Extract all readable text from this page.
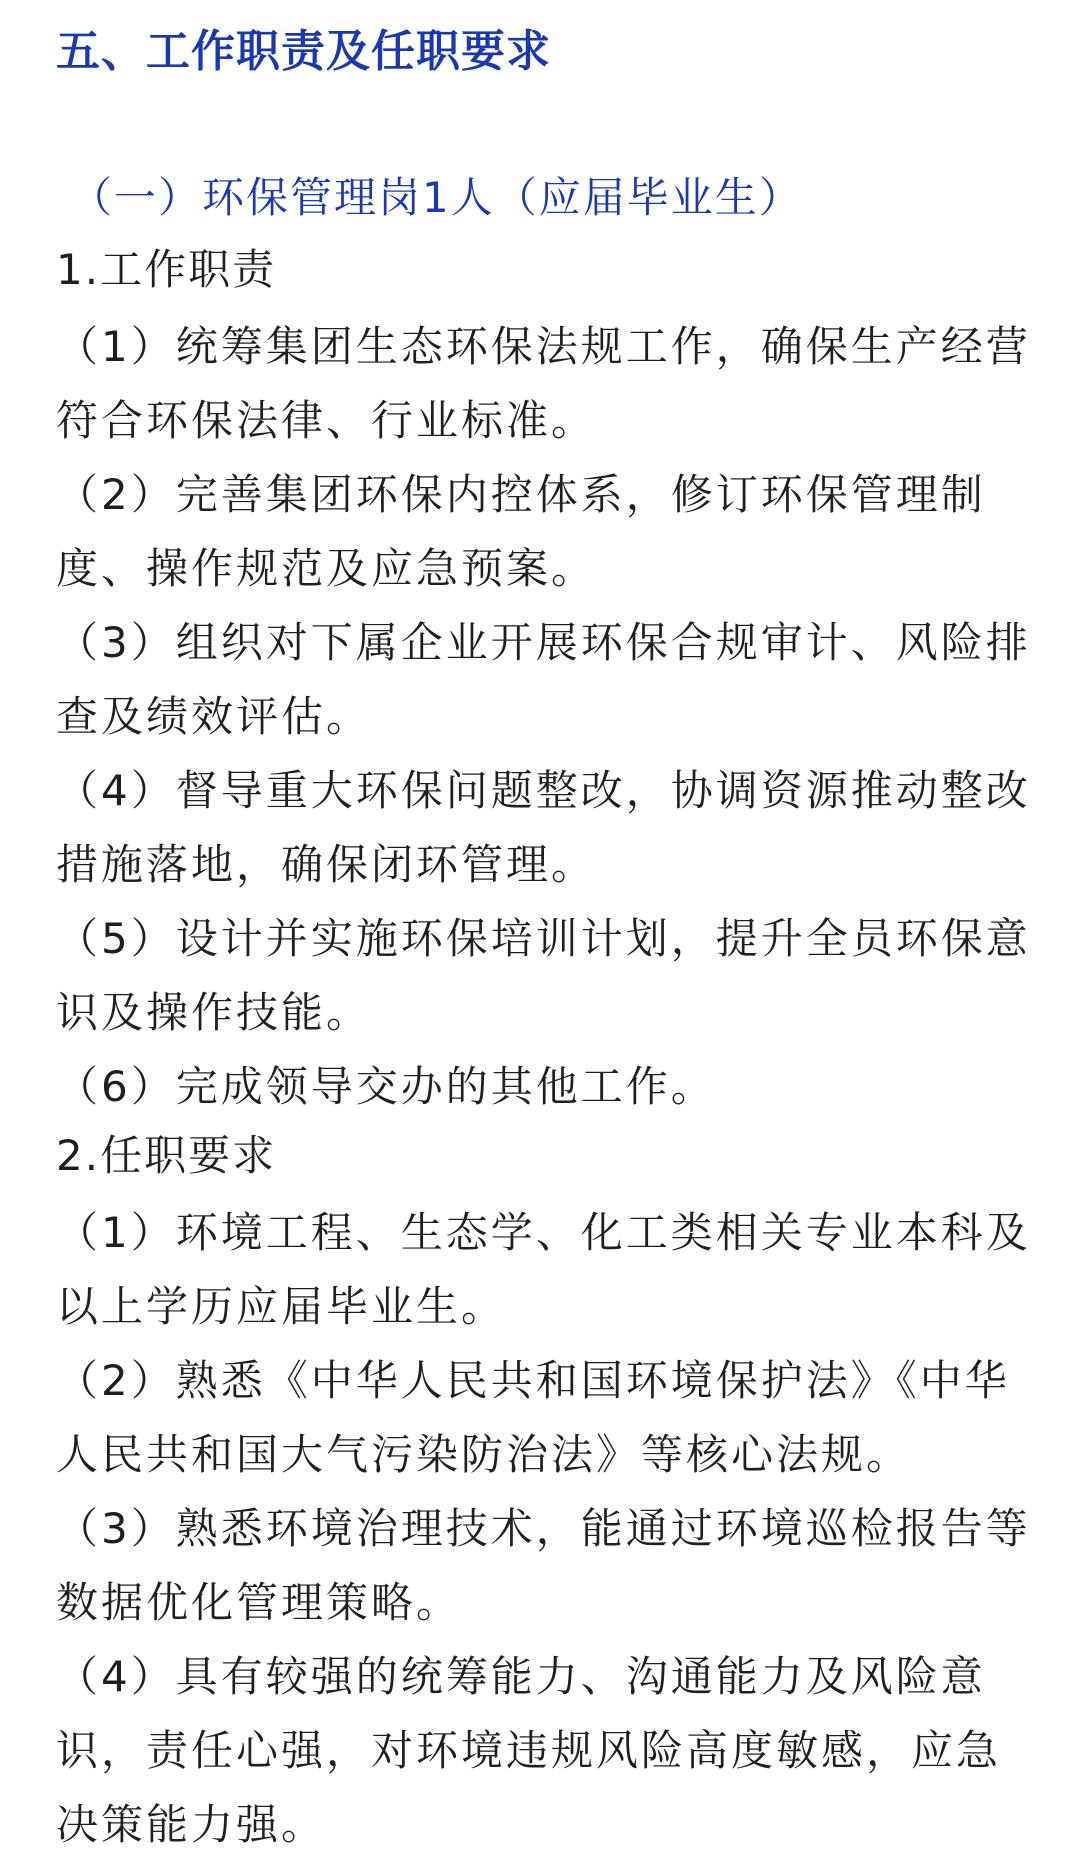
五、工作职责及任职要求

（一）环保管理岗1人（应届毕业生）

1.工作职责

（1）统筹集团生态环保法规工作，确保生产经营符合环保法律、行业标准。

（2）完善集团环保内控体系，修订环保管理制度、操作规范及应急预案。

（3）组织对下属企业开展环保合规审计、风险排查及绩效评估。

（4）督导重大环保问题整改，协调资源推动整改措施落地，确保闭环管理。

（5）设计并实施环保培训计划，提升全员环保意识及操作技能。

（6）完成领导交办的其他工作。

2.任职要求

（1）环境工程、生态学、化工类相关专业本科及以上学历应届毕业生。

（2）熟悉《中华人民共和国环境保护法》《中华人民共和国大气污染防治法》等核心法规。

（3）熟悉环境治理技术，能通过环境巡检报告等数据优化管理策略。

（4）具有较强的统筹能力、沟通能力及风险意识，责任心强，对环境违规风险高度敏感，应急决策能力强。
